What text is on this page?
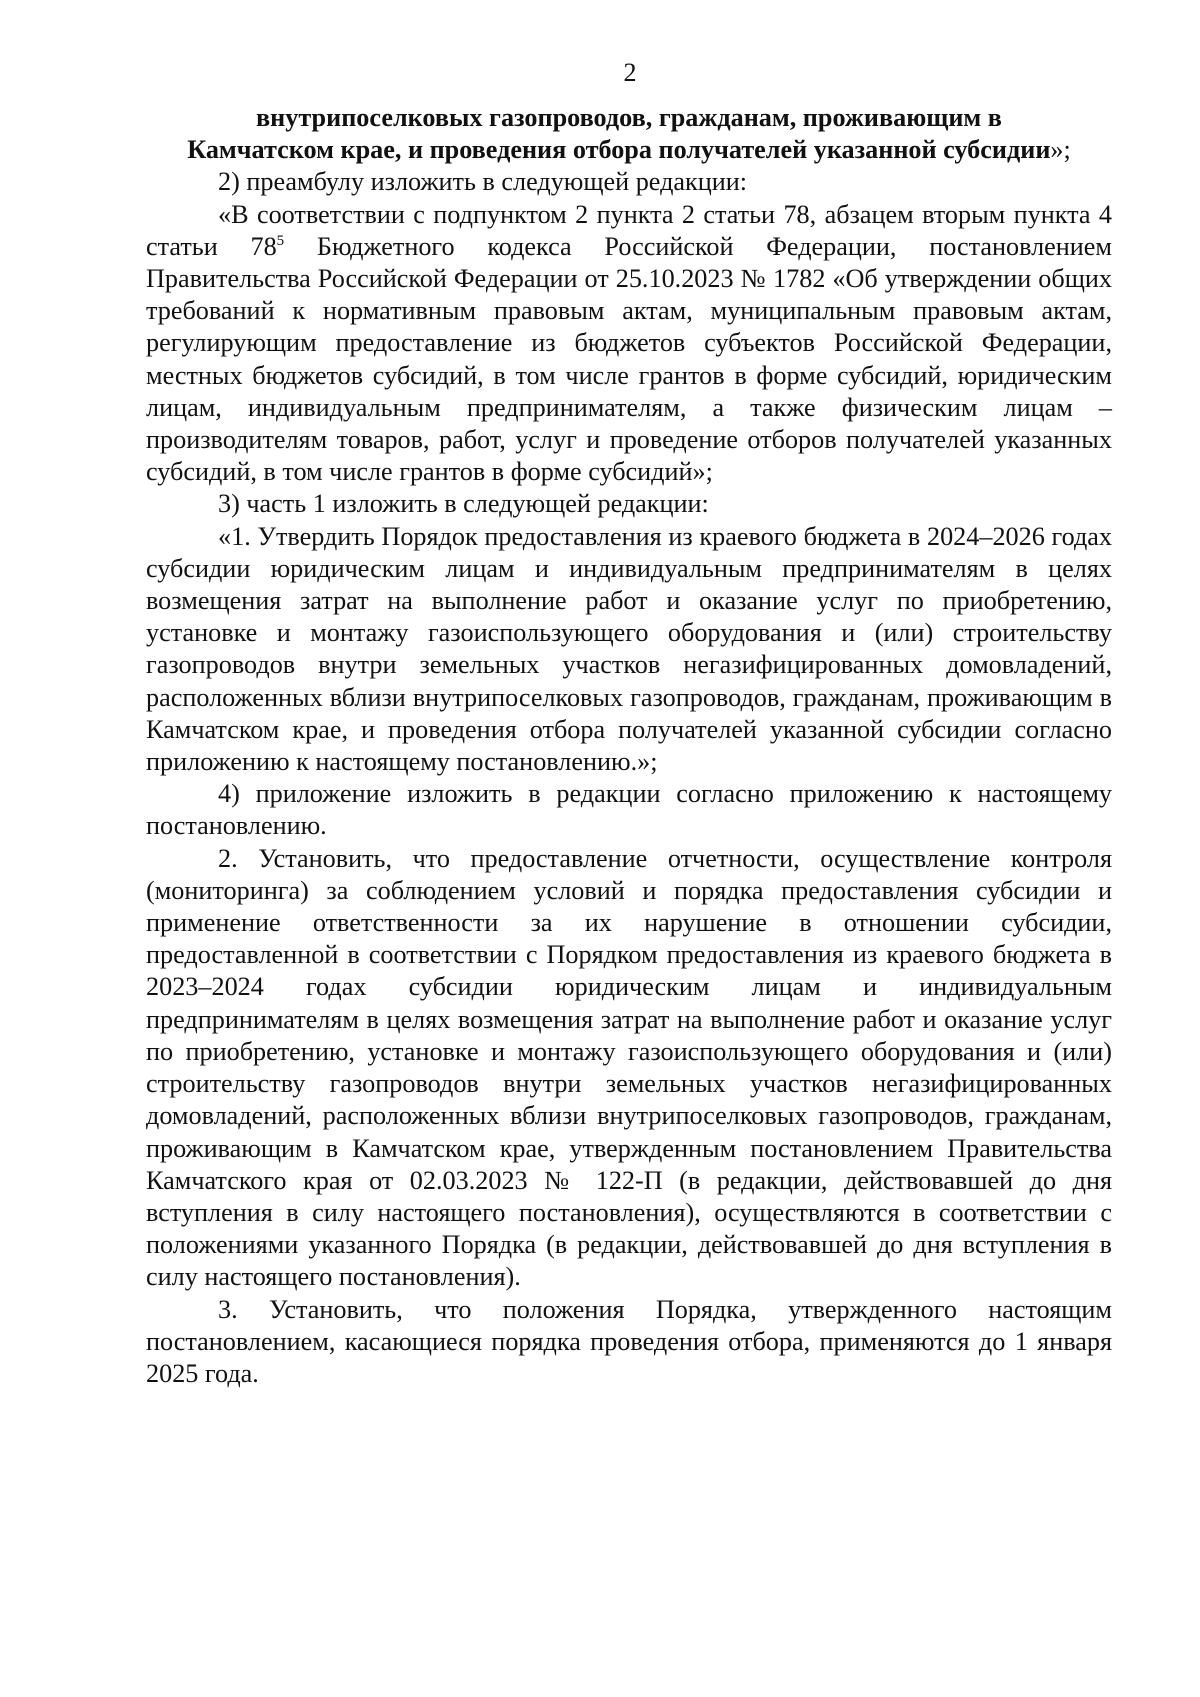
2
внутрипоселковых газопроводов, гражданам, проживающим в
Камчатском крае, и проведения отбора получателей указанной субсидии»;

2) преамбулу изложить в следующей редакции:

«В соответствии с подпунктом 2 пункта 2 статьи 78, абзацем вторым пункта 4 статьи $78^5$ Бюджетного кодекса Российской Федерации, постановлением Правительства Российской Федерации от 25.10.2023 № 1782 «Об утверждении общих требований к нормативным правовым актам, муниципальным правовым актам, регулирующим предоставление из бюджетов субъектов Российской Федерации, местных бюджетов субсидий, в том числе грантов в форме субсидий, юридическим лицам, индивидуальным предпринимателям, а также физическим лицам – производителям товаров, работ, услуг и проведение отборов получателей указанных субсидий, в том числе грантов в форме субсидий»;

3) часть 1 изложить в следующей редакции:

«1. Утвердить Порядок предоставления из краевого бюджета в 2024–2026 годах субсидии юридическим лицам и индивидуальным предпринимателям в целях возмещения затрат на выполнение работ и оказание услуг по приобретению, установке и монтажу газоиспользующего оборудования и (или) строительству газопроводов внутри земельных участков негазифицированных домовладений, расположенных вблизи внутрипоселковых газопроводов, гражданам, проживающим в Камчатском крае, и проведения отбора получателей указанной субсидии согласно приложению к настоящему постановлению.»;

4) приложение изложить в редакции согласно приложению к настоящему постановлению.

2. Установить, что предоставление отчетности, осуществление контроля (мониторинга) за соблюдением условий и порядка предоставления субсидии и применение ответственности за их нарушение в отношении субсидии, предоставленной в соответствии с Порядком предоставления из краевого бюджета в 2023–2024 годах субсидии юридическим лицам и индивидуальным предпринимателям в целях возмещения затрат на выполнение работ и оказание услуг по приобретению, установке и монтажу газоиспользующего оборудования и (или) строительству газопроводов внутри земельных участков негазифицированных домовладений, расположенных вблизи внутрипоселковых газопроводов, гражданам, проживающим в Камчатском крае, утвержденным постановлением Правительства Камчатского края от 02.03.2023 № 122-П (в редакции, действовавшей до дня вступления в силу настоящего постановления), осуществляются в соответствии с положениями указанного Порядка (в редакции, действовавшей до дня вступления в силу настоящего постановления).

3. Установить, что положения Порядка, утвержденного настоящим постановлением, касающиеся порядка проведения отбора, применяются до 1 января 2025 года.
